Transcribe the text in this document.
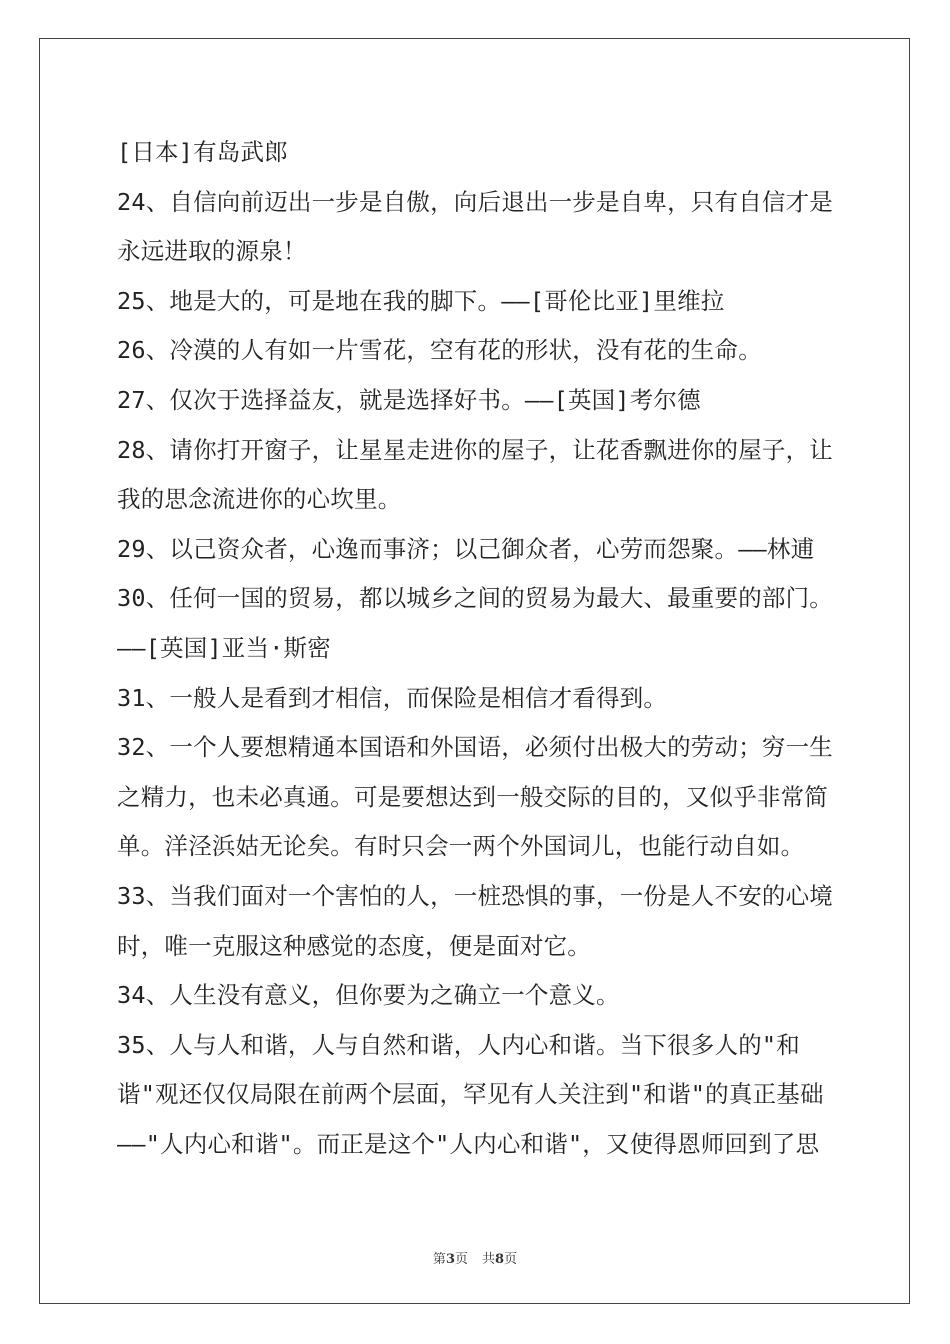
[日本]有岛武郎
24、自信向前迈出一步是自傲，向后退出一步是自卑，只有自信才是
永远进取的源泉！
25、地是大的，可是地在我的脚下。——[哥伦比亚]里维拉
26、冷漠的人有如一片雪花，空有花的形状，没有花的生命。
27、仅次于选择益友，就是选择好书。——[英国]考尔德
28、请你打开窗子，让星星走进你的屋子，让花香飘进你的屋子，让
我的思念流进你的心坎里。
29、以己资众者，心逸而事济；以己御众者，心劳而怨聚。——林逋
30、任何一国的贸易，都以城乡之间的贸易为最大、最重要的部门。
——[英国]亚当·斯密
31、一般人是看到才相信，而保险是相信才看得到。
32、一个人要想精通本国语和外国语，必须付出极大的劳动；穷一生
之精力，也未必真通。可是要想达到一般交际的目的，又似乎非常简
单。洋泾浜姑无论矣。有时只会一两个外国词儿，也能行动自如。
33、当我们面对一个害怕的人，一桩恐惧的事，一份是人不安的心境
时，唯一克服这种感觉的态度，便是面对它。
34、人生没有意义，但你要为之确立一个意义。
35、人与人和谐，人与自然和谐，人内心和谐。当下很多人的"和
谐"观还仅仅局限在前两个层面，罕见有人关注到"和谐"的真正基础
——"人内心和谐"。而正是这个"人内心和谐"，又使得恩师回到了思
第3页 共8页
